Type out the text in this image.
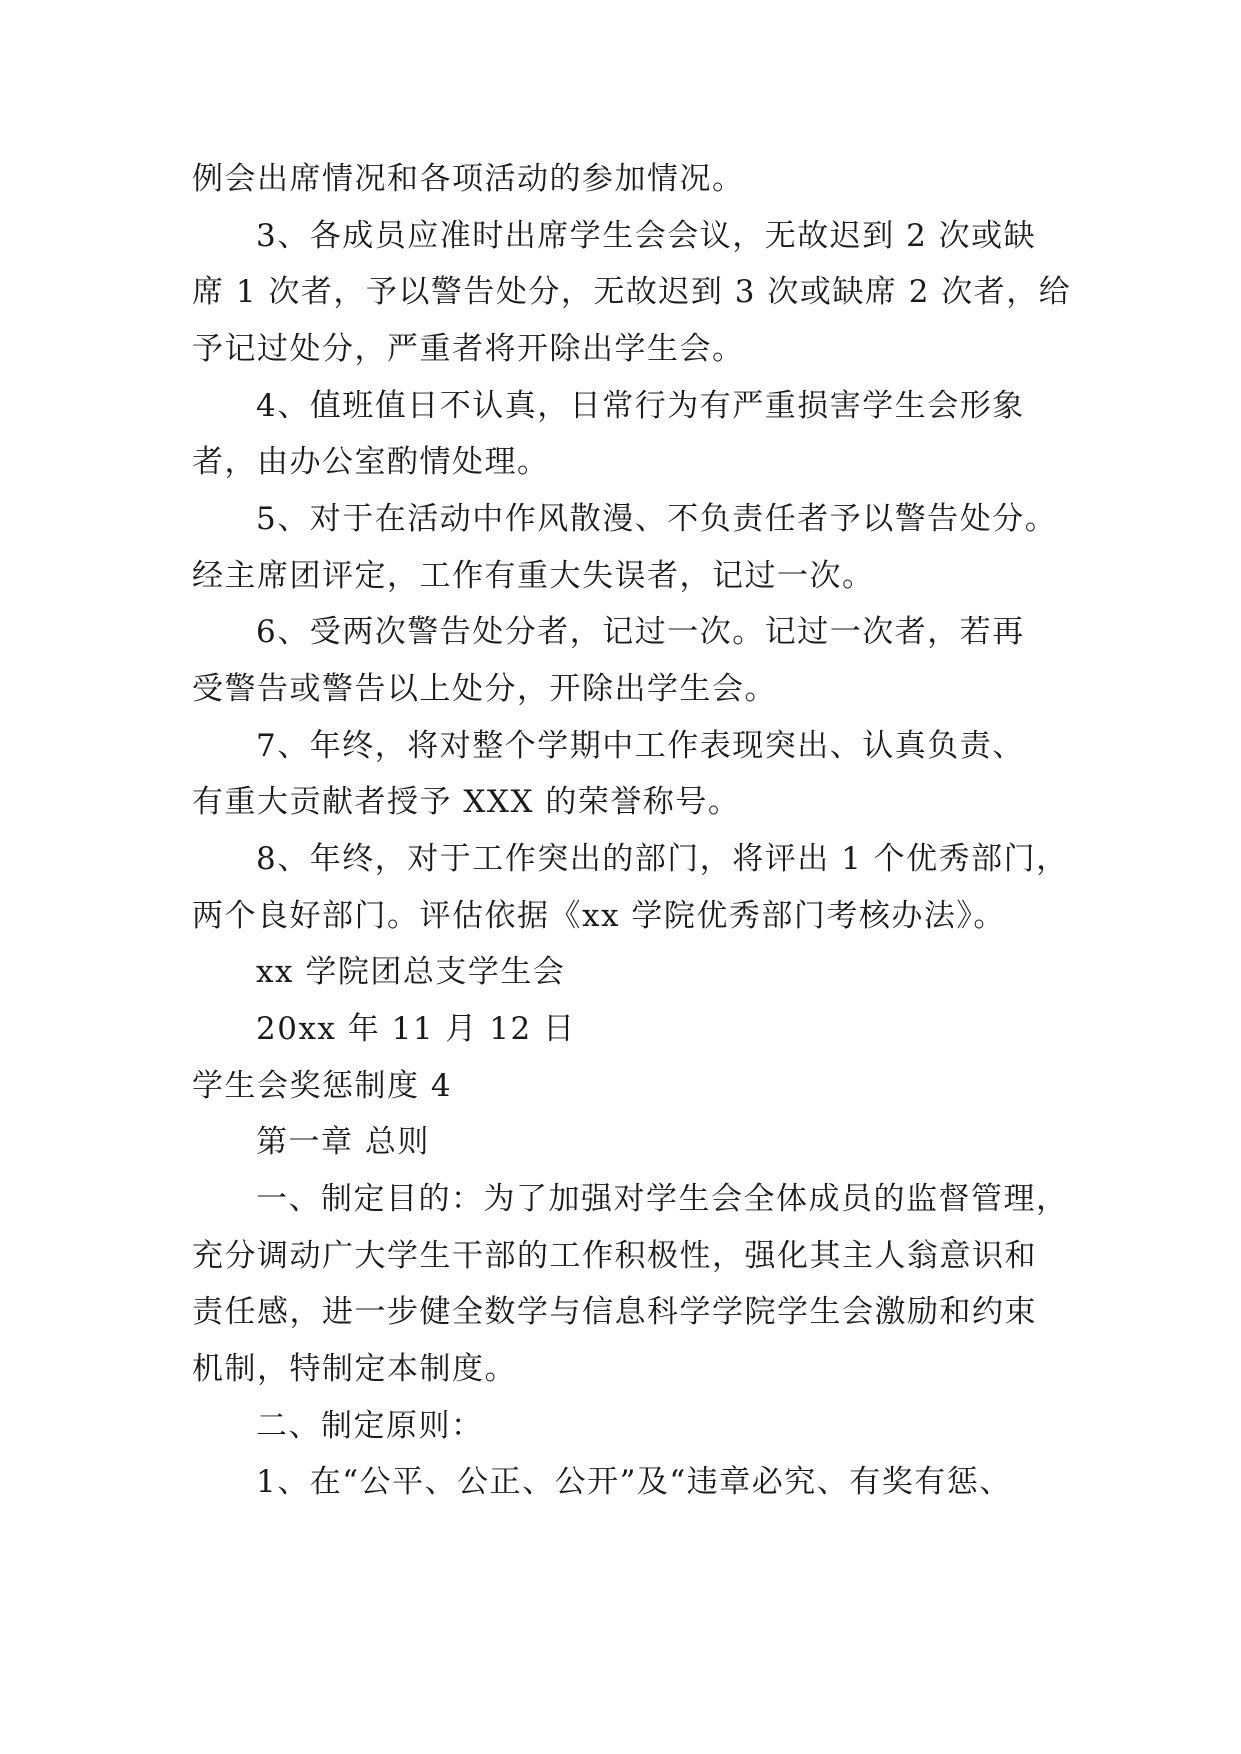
例会出席情况和各项活动的参加情况。
3、各成员应准时出席学生会会议，无故迟到 2 次或缺
席 1 次者，予以警告处分，无故迟到 3 次或缺席 2 次者，给
予记过处分，严重者将开除出学生会。
4、值班值日不认真，日常行为有严重损害学生会形象
者，由办公室酌情处理。
5、对于在活动中作风散漫、不负责任者予以警告处分。
经主席团评定，工作有重大失误者，记过一次。
6、受两次警告处分者，记过一次。记过一次者，若再
受警告或警告以上处分，开除出学生会。
7、年终，将对整个学期中工作表现突出、认真负责、
有重大贡献者授予 XXX 的荣誉称号。
8、年终，对于工作突出的部门，将评出 1 个优秀部门，
两个良好部门。评估依据《xx 学院优秀部门考核办法》。
xx 学院团总支学生会
20xx 年 11 月 12 日
学生会奖惩制度 4
第一章 总则
一、制定目的：为了加强对学生会全体成员的监督管理，
充分调动广大学生干部的工作积极性，强化其主人翁意识和
责任感，进一步健全数学与信息科学学院学生会激励和约束
机制，特制定本制度。
二、制定原则：
1、在“公平、公正、公开”及“违章必究、有奖有惩、
